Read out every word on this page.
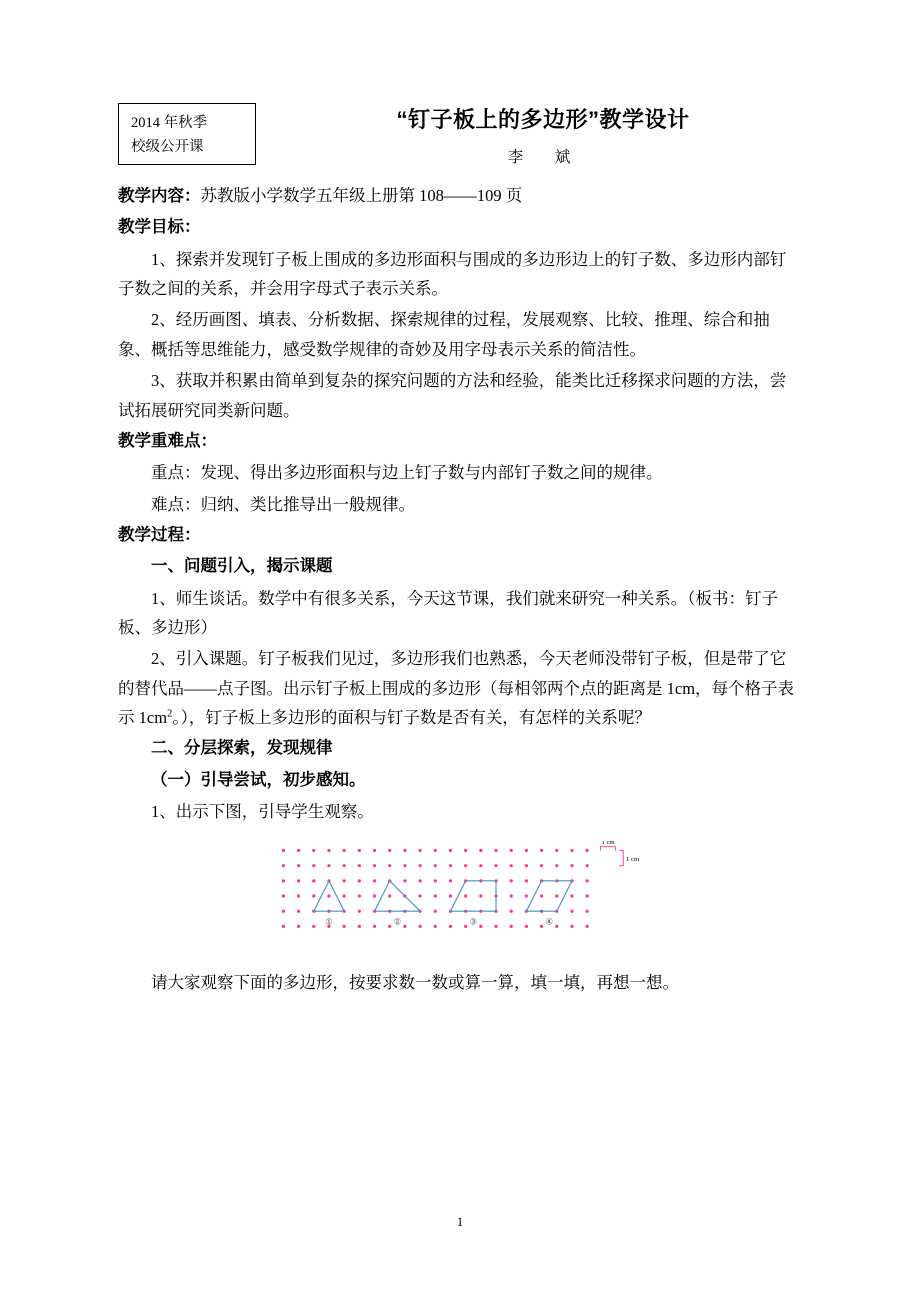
2014 年秋季
校级公开课
“钉子板上的多边形”教学设计
李　斌

教学内容：苏教版小学数学五年级上册第 108——109 页

教学目标：

1、探索并发现钉子板上围成的多边形面积与围成的多边形边上的钉子数、多边形内部钉子数之间的关系，并会用字母式子表示关系。

2、经历画图、填表、分析数据、探索规律的过程，发展观察、比较、推理、综合和抽象、概括等思维能力，感受数学规律的奇妙及用字母表示关系的简洁性。

3、获取并积累由简单到复杂的探究问题的方法和经验，能类比迁移探求问题的方法，尝试拓展研究同类新问题。

教学重难点：

重点：发现、得出多边形面积与边上钉子数与内部钉子数之间的规律。

难点：归纳、类比推导出一般规律。

教学过程：

一、问题引入，揭示课题

1、师生谈话。数学中有很多关系，今天这节课，我们就来研究一种关系。（板书：钉子板、多边形）

2、引入课题。钉子板我们见过，多边形我们也熟悉，今天老师没带钉子板，但是带了它的替代品——点子图。出示钉子板上围成的多边形（每相邻两个点的距离是 1cm，每个格子表示 $1cm^2$。），钉子板上多边形的面积与钉子数是否有关，有怎样的关系呢？

二、分层探索，发现规律

（一）引导尝试，初步感知。

1、出示下图，引导学生观察。

1 cm
1 cm
①	②	③	④

请大家观察下面的多边形，按要求数一数或算一算，填一填，再想一想。

1
